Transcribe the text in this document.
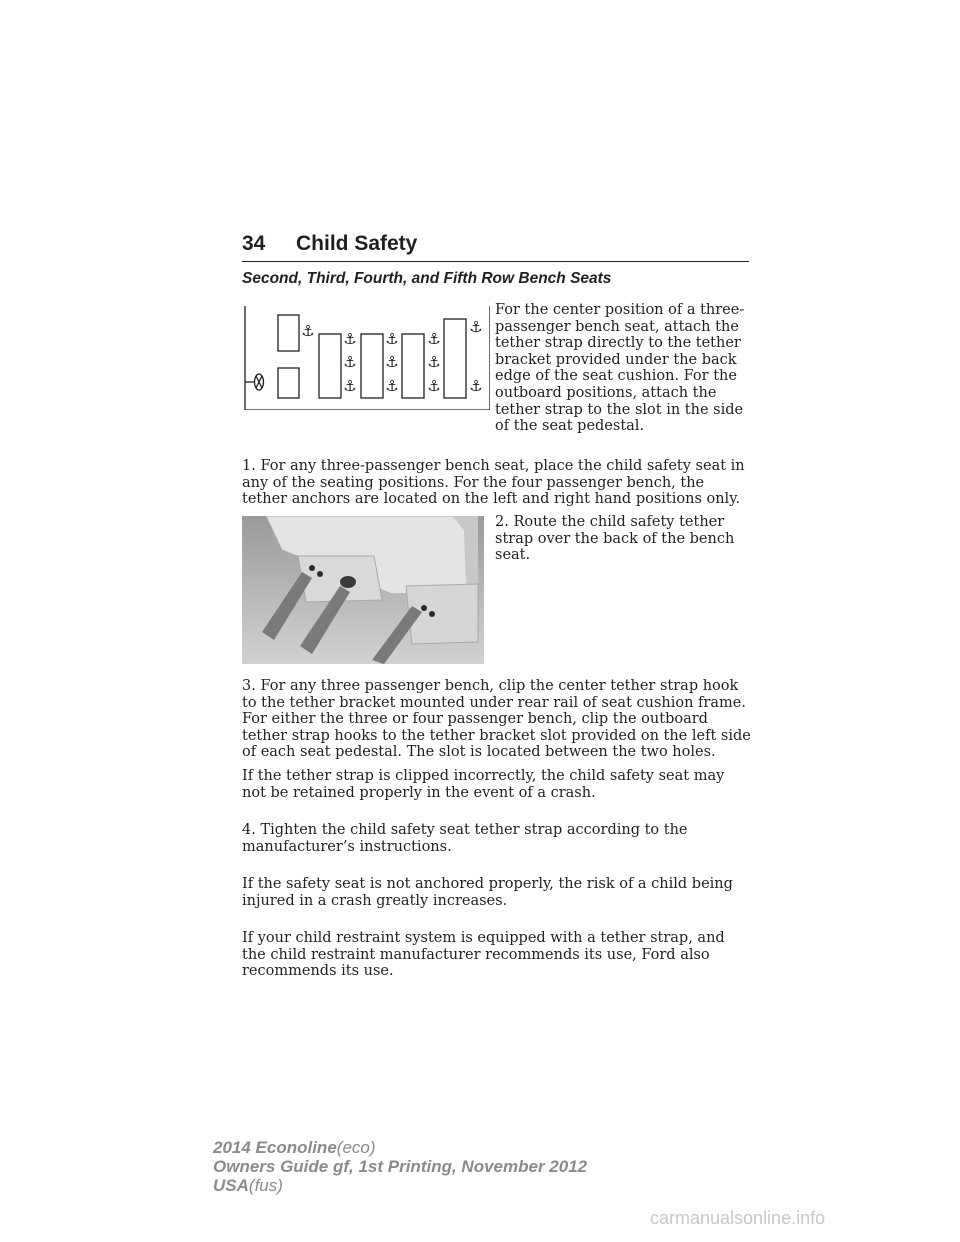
34 Child Safety
Second, Third, Fourth, and Fifth Row Bench Seats
⚓ ⚓
⚓
⚓
⚓
⚓
⚓
⚓
⚓
⚓
⚓
⚓

For the center position of a three-passenger bench seat, attach the tether strap directly to the tether bracket provided under the back edge of the seat cushion. For the outboard positions, attach the tether strap to the slot in the side of the seat pedestal.

1. For any three-passenger bench seat, place the child safety seat in any of the seating positions. For the four passenger bench, the tether anchors are located on the left and right hand positions only.

2. Route the child safety tether strap over the back of the bench seat.

3. For any three passenger bench, clip the center tether strap hook to the tether bracket mounted under rear rail of seat cushion frame. For either the three or four passenger bench, clip the outboard tether strap hooks to the tether bracket slot provided on the left side of each seat pedestal. The slot is located between the two holes.

If the tether strap is clipped incorrectly, the child safety seat may not be retained properly in the event of a crash.

4. Tighten the child safety seat tether strap according to the manufacturer’s instructions.

If the safety seat is not anchored properly, the risk of a child being injured in a crash greatly increases.

If your child restraint system is equipped with a tether strap, and the child restraint manufacturer recommends its use, Ford also recommends its use.

2014 Econoline(eco)
Owners Guide gf, 1st Printing, November 2012
USA(fus)
carmanualsonline.info
